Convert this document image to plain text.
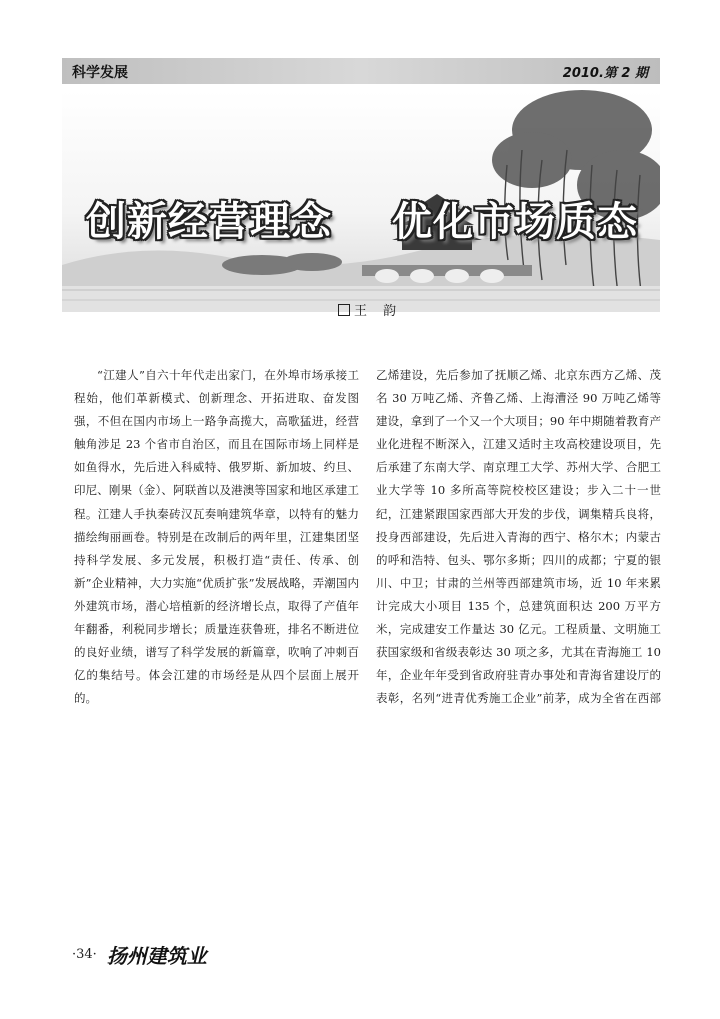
科学发展	2010.第 2 期
创新经营理念 优化市场质态
王 韵

“江建人”自六十年代走出家门，在外埠市场承接工程始，他们革新模式、创新理念、开拓进取、奋发图强，不但在国内市场上一路争高揽大，高歌猛进，经营触角涉足 23 个省市自治区，而且在国际市场上同样是如鱼得水，先后进入科威特、俄罗斯、新加坡、约旦、印尼、刚果（金）、阿联酋以及港澳等国家和地区承建工程。江建人手执秦砖汉瓦奏响建筑华章，以特有的魅力描绘绚丽画卷。特别是在改制后的两年里，江建集团坚持科学发展、多元发展，积极打造“责任、传承、创新”企业精神，大力实施“优质扩张”发展战略，弄潮国内外建筑市场，潜心培植新的经济增长点，取得了产值年年翻番，利税同步增长；质量连获鲁班，排名不断进位的良好业绩，谱写了科学发展的新篇章，吹响了冲刺百亿的集结号。体会江建的市场经是从四个层面上展开的。

乙烯建设，先后参加了抚顺乙烯、北京东西方乙烯、茂名 30 万吨乙烯、齐鲁乙烯、上海漕泾 90 万吨乙烯等建设，拿到了一个又一个大项目；90 年中期随着教育产业化进程不断深入，江建又适时主攻高校建设项目，先后承建了东南大学、南京理工大学、苏州大学、合肥工业大学等 10 多所高等院校校区建设；步入二十一世纪，江建紧跟国家西部大开发的步伐，调集精兵良将，投身西部建设，先后进入青海的西宁、格尔木；内蒙古的呼和浩特、包头、鄂尔多斯；四川的成都；宁夏的银川、中卫；甘肃的兰州等西部建筑市场，近 10 年来累计完成大小项目 135 个，总建筑面积达 200 万平方米，完成建安工作量达 30 亿元。工程质量、文明施工获国家级和省级表彰达 30 项之多，尤其在青海施工 10 年，企业年年受到省政府驻青办事处和青海省建设厅的表彰，名列“进青优秀施工企业”前茅，成为全省在西部

·34· 扬州建筑业
